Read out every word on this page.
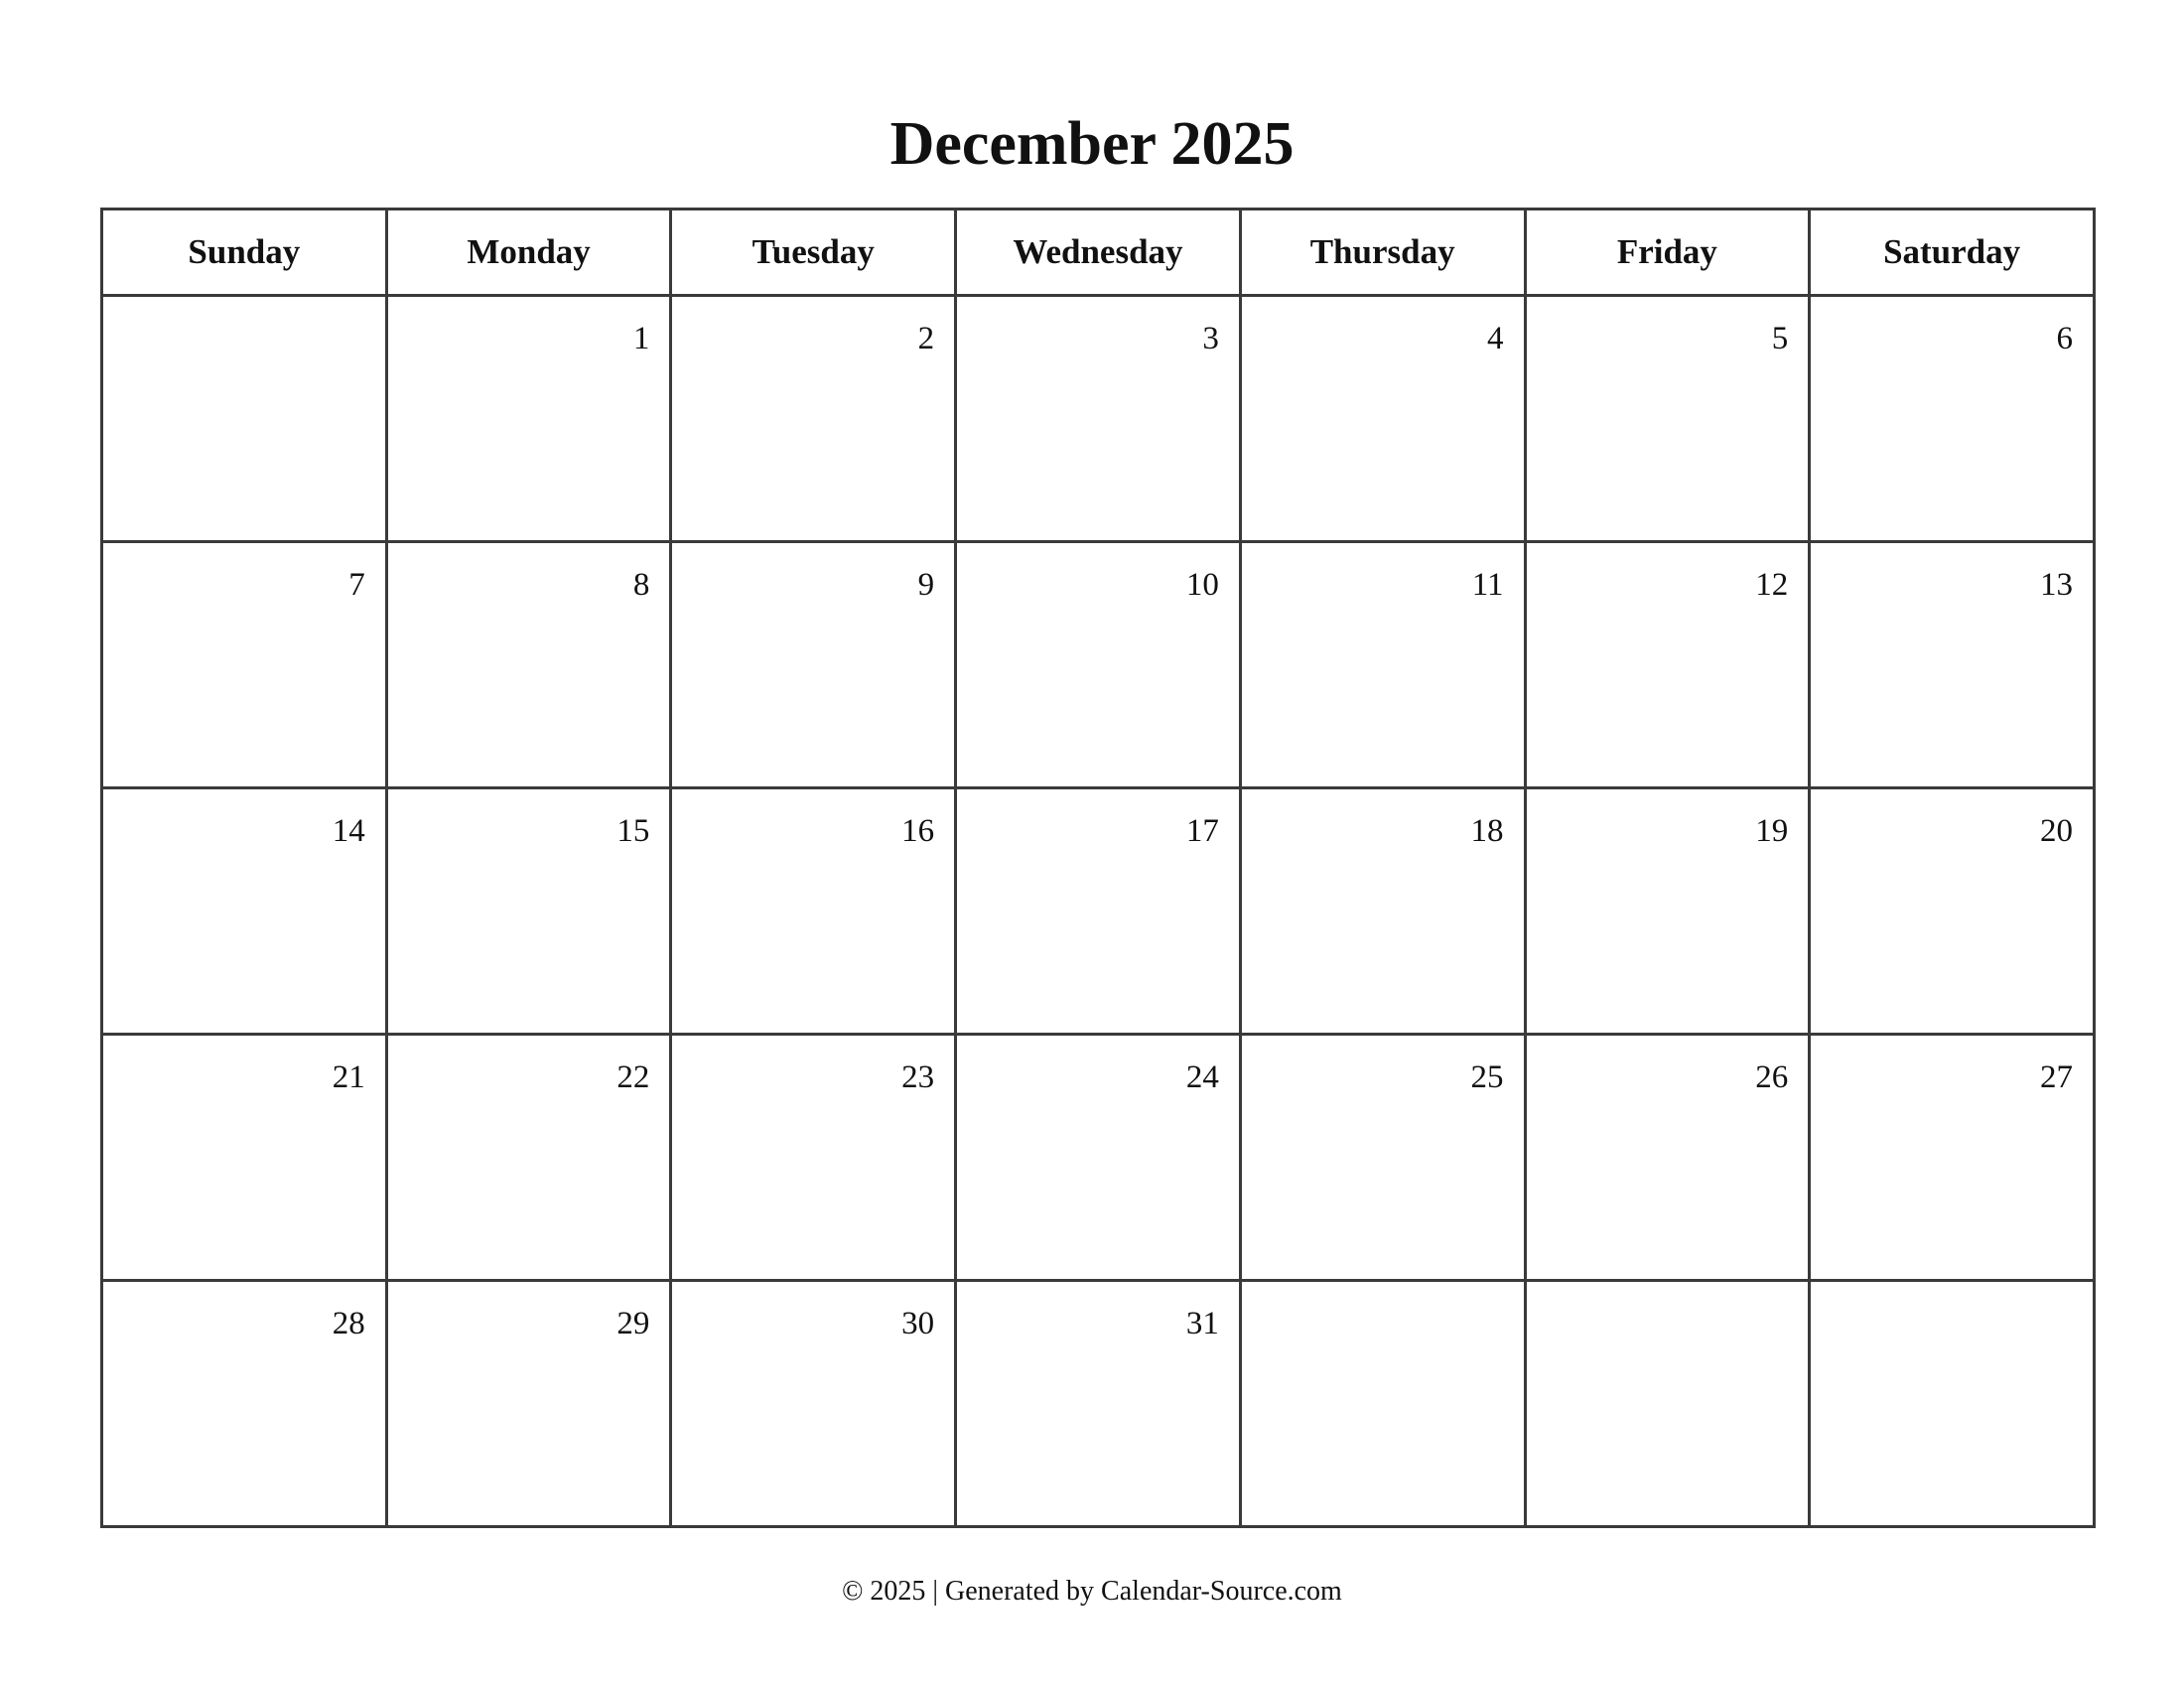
December 2025
Sunday	Monday	Tuesday	Wednesday	Thursday	Friday	Saturday

	1	2	3	4	5	6

7	8	9	10	11	12	13

14	15	16	17	18	19	20

21	22	23	24	25	26	27

28	29	30	31			

© 2025 | Generated by Calendar-Source.com
